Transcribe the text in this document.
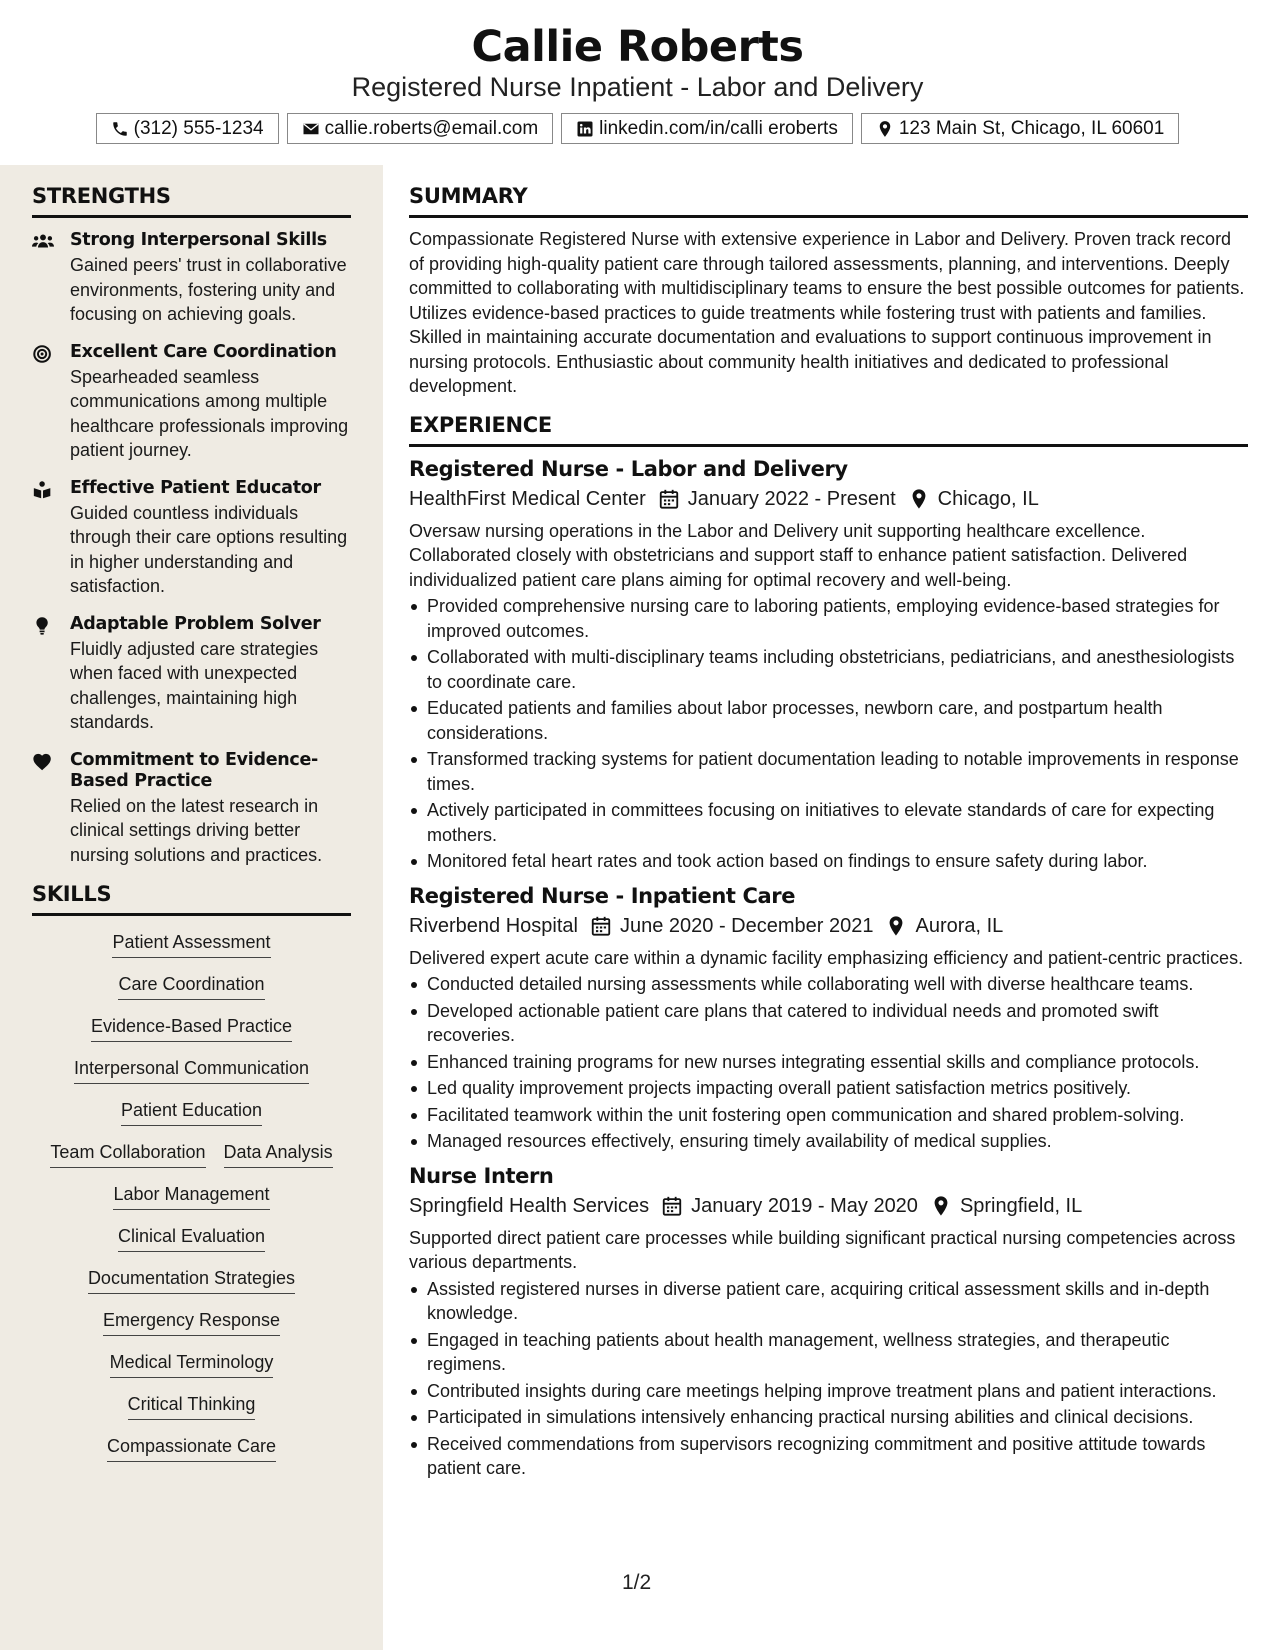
Callie Roberts
Registered Nurse Inpatient - Labor and Delivery
(312) 555-1234	callie.roberts@email.com	linkedin.com/in/calli eroberts	123 Main St, Chicago, IL 60601
STRENGTHS
Strong Interpersonal Skills
Gained peers' trust in collaborative environments, fostering unity and focusing on achieving goals.
Excellent Care Coordination
Spearheaded seamless communications among multiple healthcare professionals improving patient journey.
Effective Patient Educator
Guided countless individuals through their care options resulting in higher understanding and satisfaction.
Adaptable Problem Solver
Fluidly adjusted care strategies when faced with unexpected challenges, maintaining high standards.
Commitment to Evidence-Based Practice
Relied on the latest research in clinical settings driving better nursing solutions and practices.
SKILLS
Patient Assessment
Care Coordination
Evidence-Based Practice
Interpersonal Communication
Patient Education
Team Collaboration Data Analysis
Labor Management
Clinical Evaluation
Documentation Strategies
Emergency Response
Medical Terminology
Critical Thinking
Compassionate Care
SUMMARY
Compassionate Registered Nurse with extensive experience in Labor and Delivery. Proven track record of providing high-quality patient care through tailored assessments, planning, and interventions. Deeply committed to collaborating with multidisciplinary teams to ensure the best possible outcomes for patients. Utilizes evidence-based practices to guide treatments while fostering trust with patients and families. Skilled in maintaining accurate documentation and evaluations to support continuous improvement in nursing protocols. Enthusiastic about community health initiatives and dedicated to professional development.
EXPERIENCE
Registered Nurse - Labor and Delivery
HealthFirst Medical Center January 2022 - Present Chicago, IL
Oversaw nursing operations in the Labor and Delivery unit supporting healthcare excellence. Collaborated closely with obstetricians and support staff to enhance patient satisfaction. Delivered individualized patient care plans aiming for optimal recovery and well-being.
Provided comprehensive nursing care to laboring patients, employing evidence-based strategies for improved outcomes.
Collaborated with multi-disciplinary teams including obstetricians, pediatricians, and anesthesiologists to coordinate care.
Educated patients and families about labor processes, newborn care, and postpartum health considerations.
Transformed tracking systems for patient documentation leading to notable improvements in response times.
Actively participated in committees focusing on initiatives to elevate standards of care for expecting mothers.
Monitored fetal heart rates and took action based on findings to ensure safety during labor.
Registered Nurse - Inpatient Care
Riverbend Hospital June 2020 - December 2021 Aurora, IL
Delivered expert acute care within a dynamic facility emphasizing efficiency and patient-centric practices.
Conducted detailed nursing assessments while collaborating well with diverse healthcare teams.
Developed actionable patient care plans that catered to individual needs and promoted swift recoveries.
Enhanced training programs for new nurses integrating essential skills and compliance protocols.
Led quality improvement projects impacting overall patient satisfaction metrics positively.
Facilitated teamwork within the unit fostering open communication and shared problem-solving.
Managed resources effectively, ensuring timely availability of medical supplies.
Nurse Intern
Springfield Health Services January 2019 - May 2020 Springfield, IL
Supported direct patient care processes while building significant practical nursing competencies across various departments.
Assisted registered nurses in diverse patient care, acquiring critical assessment skills and in-depth knowledge.
Engaged in teaching patients about health management, wellness strategies, and therapeutic regimens.
Contributed insights during care meetings helping improve treatment plans and patient interactions.
Participated in simulations intensively enhancing practical nursing abilities and clinical decisions.
Received commendations from supervisors recognizing commitment and positive attitude towards patient care.
1/2
